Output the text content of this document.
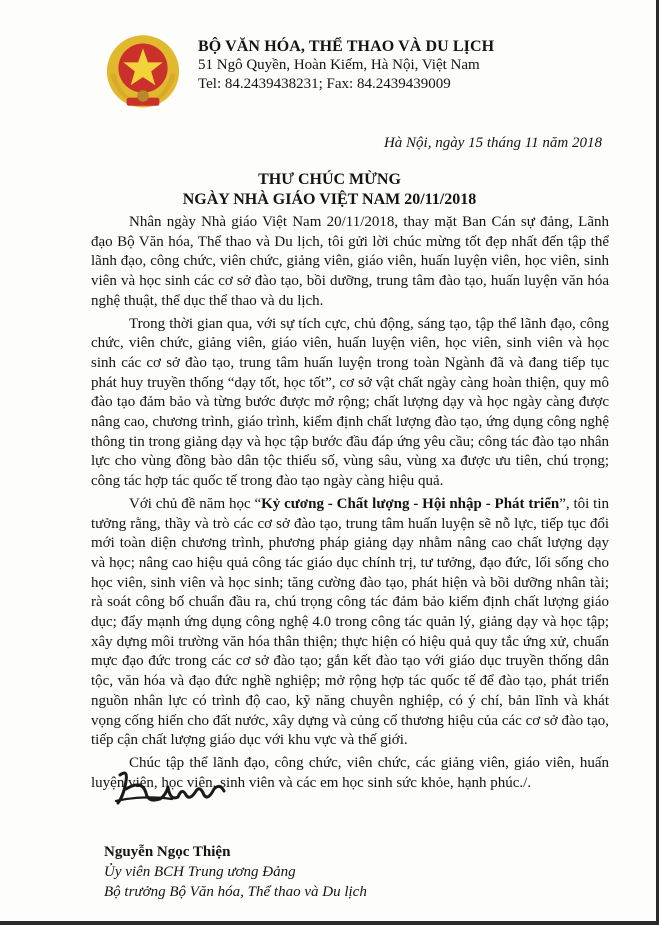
BỘ VĂN HÓA, THỂ THAO VÀ DU LỊCH
51 Ngô Quyền, Hoàn Kiếm, Hà Nội, Việt Nam
Tel: 84.2439438231; Fax: 84.2439439009
Hà Nội, ngày 15 tháng 11 năm 2018
THƯ CHÚC MỪNG
NGÀY NHÀ GIÁO VIỆT NAM 20/11/2018

Nhân ngày Nhà giáo Việt Nam 20/11/2018, thay mặt Ban Cán sự đảng, Lãnh đạo Bộ Văn hóa, Thể thao và Du lịch, tôi gửi lời chúc mừng tốt đẹp nhất đến tập thể lãnh đạo, công chức, viên chức, giảng viên, giáo viên, huấn luyện viên, học viên, sinh viên và học sinh các cơ sở đào tạo, bồi dưỡng, trung tâm đào tạo, huấn luyện văn hóa nghệ thuật, thể dục thể thao và du lịch.

Trong thời gian qua, với sự tích cực, chủ động, sáng tạo, tập thể lãnh đạo, công chức, viên chức, giảng viên, giáo viên, huấn luyện viên, học viên, sinh viên và học sinh các cơ sở đào tạo, trung tâm huấn luyện trong toàn Ngành đã và đang tiếp tục phát huy truyền thống “dạy tốt, học tốt”, cơ sở vật chất ngày càng hoàn thiện, quy mô đào tạo đảm bảo và từng bước được mở rộng; chất lượng dạy và học ngày càng được nâng cao, chương trình, giáo trình, kiểm định chất lượng đào tạo, ứng dụng công nghệ thông tin trong giảng dạy và học tập bước đầu đáp ứng yêu cầu; công tác đào tạo nhân lực cho vùng đồng bào dân tộc thiểu số, vùng sâu, vùng xa được ưu tiên, chú trọng; công tác hợp tác quốc tế trong đào tạo ngày càng hiệu quả.

Với chủ đề năm học “Kỷ cương - Chất lượng - Hội nhập - Phát triển”, tôi tin tưởng rằng, thầy và trò các cơ sở đào tạo, trung tâm huấn luyện sẽ nỗ lực, tiếp tục đổi mới toàn diện chương trình, phương pháp giảng dạy nhằm nâng cao chất lượng dạy và học; nâng cao hiệu quả công tác giáo dục chính trị, tư tưởng, đạo đức, lối sống cho học viên, sinh viên và học sinh; tăng cường đào tạo, phát hiện và bồi dưỡng nhân tài; rà soát công bố chuẩn đầu ra, chú trọng công tác đảm bảo kiểm định chất lượng giáo dục; đẩy mạnh ứng dụng công nghệ 4.0 trong công tác quản lý, giảng dạy và học tập; xây dựng môi trường văn hóa thân thiện; thực hiện có hiệu quả quy tắc ứng xử, chuẩn mực đạo đức trong các cơ sở đào tạo; gắn kết đào tạo với giáo dục truyền thống dân tộc, văn hóa và đạo đức nghề nghiệp; mở rộng hợp tác quốc tế để đào tạo, phát triển nguồn nhân lực có trình độ cao, kỹ năng chuyên nghiệp, có ý chí, bản lĩnh và khát vọng cống hiến cho đất nước, xây dựng và củng cố thương hiệu của các cơ sở đào tạo, tiếp cận chất lượng giáo dục với khu vực và thế giới.

Chúc tập thể lãnh đạo, công chức, viên chức, các giảng viên, giáo viên, huấn luyện viên, học viên, sinh viên và các em học sinh sức khỏe, hạnh phúc./.

Nguyễn Ngọc Thiện
Ủy viên BCH Trung ương Đảng
Bộ trưởng Bộ Văn hóa, Thể thao và Du lịch
